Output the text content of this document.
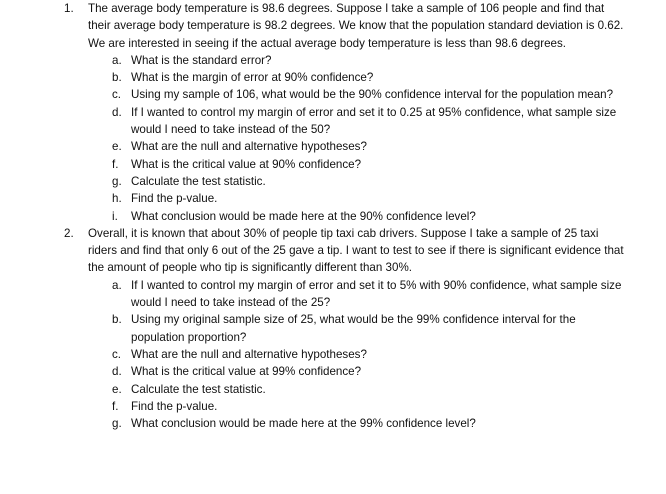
1. The average body temperature is 98.6 degrees. Suppose I take a sample of 106 people and find that their average body temperature is 98.2 degrees. We know that the population standard deviation is 0.62. We are interested in seeing if the actual average body temperature is less than 98.6 degrees.
a. What is the standard error?
b. What is the margin of error at 90% confidence?
c. Using my sample of 106, what would be the 90% confidence interval for the population mean?
d. If I wanted to control my margin of error and set it to 0.25 at 95% confidence, what sample size would I need to take instead of the 50?
e. What are the null and alternative hypotheses?
f. What is the critical value at 90% confidence?
g. Calculate the test statistic.
h. Find the p-value.
i. What conclusion would be made here at the 90% confidence level?
2. Overall, it is known that about 30% of people tip taxi cab drivers. Suppose I take a sample of 25 taxi riders and find that only 6 out of the 25 gave a tip. I want to test to see if there is significant evidence that the amount of people who tip is significantly different than 30%.
a. If I wanted to control my margin of error and set it to 5% with 90% confidence, what sample size would I need to take instead of the 25?
b. Using my original sample size of 25, what would be the 99% confidence interval for the population proportion?
c. What are the null and alternative hypotheses?
d. What is the critical value at 99% confidence?
e. Calculate the test statistic.
f. Find the p-value.
g. What conclusion would be made here at the 99% confidence level?
